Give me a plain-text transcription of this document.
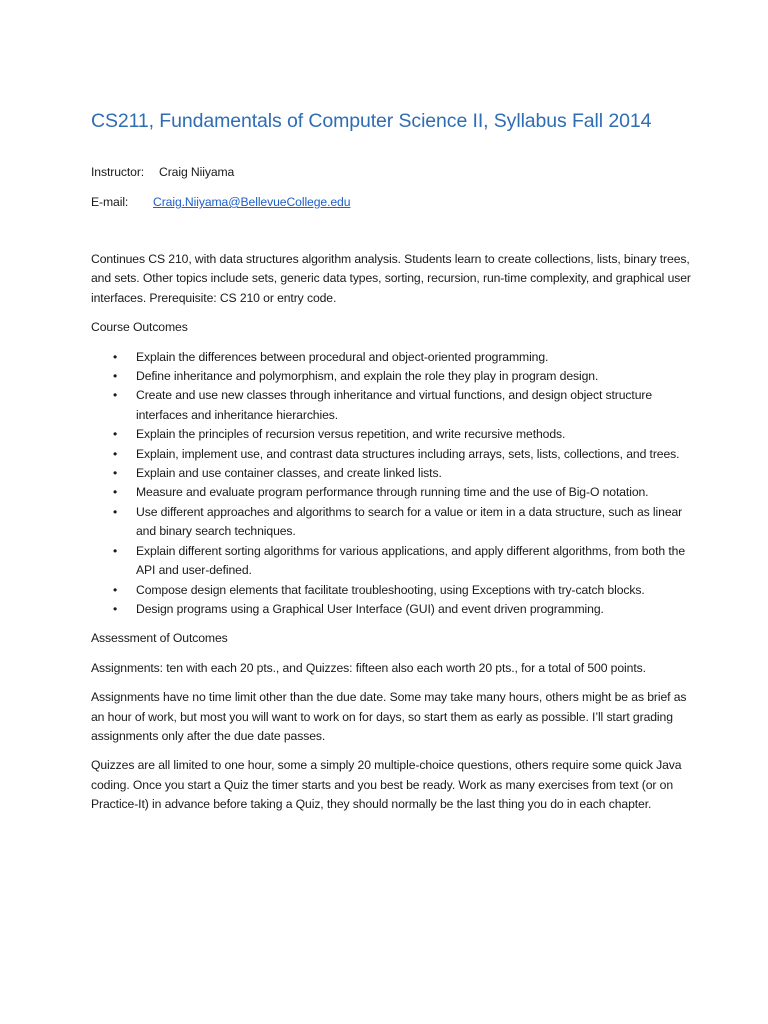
CS211, Fundamentals of Computer Science II, Syllabus Fall 2014
Instructor: Craig Niiyama
E-mail: Craig.Niiyama@BellevueCollege.edu

Continues CS 210, with data structures algorithm analysis. Students learn to create collections, lists, binary trees, and sets. Other topics include sets, generic data types, sorting, recursion, run-time complexity, and graphical user interfaces. Prerequisite: CS 210 or entry code.

Course Outcomes

• Explain the differences between procedural and object-oriented programming.
• Define inheritance and polymorphism, and explain the role they play in program design.
• Create and use new classes through inheritance and virtual functions, and design object structure interfaces and inheritance hierarchies.
• Explain the principles of recursion versus repetition, and write recursive methods.
• Explain, implement use, and contrast data structures including arrays, sets, lists, collections, and trees.
• Explain and use container classes, and create linked lists.
• Measure and evaluate program performance through running time and the use of Big-O notation.
• Use different approaches and algorithms to search for a value or item in a data structure, such as linear and binary search techniques.
• Explain different sorting algorithms for various applications, and apply different algorithms, from both the API and user-defined.
• Compose design elements that facilitate troubleshooting, using Exceptions with try-catch blocks.
• Design programs using a Graphical User Interface (GUI) and event driven programming.

Assessment of Outcomes

Assignments: ten with each 20 pts., and Quizzes: fifteen also each worth 20 pts., for a total of 500 points.

Assignments have no time limit other than the due date. Some may take many hours, others might be as brief as an hour of work, but most you will want to work on for days, so start them as early as possible. I’ll start grading assignments only after the due date passes.

Quizzes are all limited to one hour, some a simply 20 multiple-choice questions, others require some quick Java coding. Once you start a Quiz the timer starts and you best be ready. Work as many exercises from text (or on Practice-It) in advance before taking a Quiz, they should normally be the last thing you do in each chapter.
